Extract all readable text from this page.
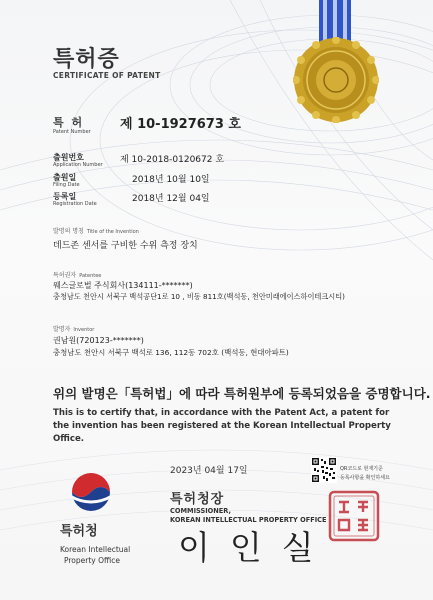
특허증
CERTIFICATE OF PATENT
특 허
Patent Number 제 10-1927673 호
출원번호
Application Number 제 10-2018-0120672 호
출원일
Filing Date	2018년 10월 10일
등록일
Registration Date	2018년 12월 04일
발명의 명칭 Title of the Invention
데드존 센서를 구비한 수위 측정 장치
특허권자 Patentee
웨스글로벌 주식회사(134111-*******)
충청남도 천안시 서북구 백석공단1로 10 , 비동 811호(백석동, 천안미래에이스하이테크시티)
발명자 Inventor
권남원(720123-*******)
충청남도 천안시 서북구 백석로 136, 112동 702호 (백석동, 현대아파트)
위의 발명은「특허법」에 따라 특허원부에 등록되었음을 증명합니다.
This is to certify that, in accordance with the Patent Act, a patent for the invention has been registered at the Korean Intellectual Property Office.
특허청
Korean Intellectual
Property Office
2023년 04월 17일
특허청장
COMMISSIONER,
KOREAN INTELLECTUAL PROPERTY OFFICE
이인실
QR코드로 현재기준
등록사항을 확인하세요
